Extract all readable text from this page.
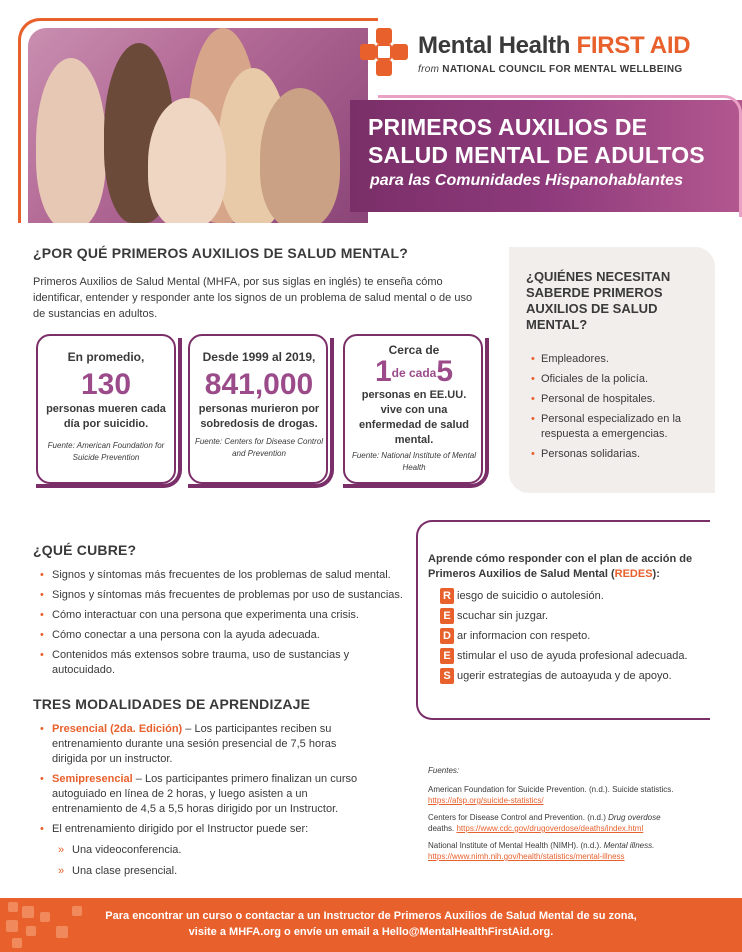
Mental Health FIRST AID
from NATIONAL COUNCIL FOR MENTAL WELLBEING
PRIMEROS AUXILIOS DE
SALUD MENTAL DE ADULTOS
para las Comunidades Hispanohablantes
¿POR QUÉ PRIMEROS AUXILIOS DE SALUD MENTAL?
Primeros Auxilios de Salud Mental (MHFA, por sus siglas en inglés) te enseña cómo identificar, entender y responder ante los signos de un problema de salud mental o de uso de sustancias en adultos.
En promedio,
130
personas mueren cada día por suicidio.
Fuente: American Foundation for Suicide Prevention
Desde 1999 al 2019,
841,000
personas murieron por sobredosis de drogas.
Fuente: Centers for Disease Control and Prevention
Cerca de
1de cada5
personas en EE.UU. vive con una enfermedad de salud mental.
Fuente: National Institute of Mental Health
¿QUIÉNES NECESITAN SABERDE PRIMEROS AUXILIOS DE SALUD MENTAL?
• Empleadores.
• Oficiales de la policía.
• Personal de hospitales.
• Personal especializado en la respuesta a emergencias.
• Personas solidarias.
¿QUÉ CUBRE?
• Signos y síntomas más frecuentes de los problemas de salud mental.
• Signos y síntomas más frecuentes de problemas por uso de sustancias.
• Cómo interactuar con una persona que experimenta una crisis.
• Cómo conectar a una persona con la ayuda adecuada.
• Contenidos más extensos sobre trauma, uso de sustancias y autocuidado.
Aprende cómo responder con el plan de acción de Primeros Auxilios de Salud Mental (REDES):
R iesgo de suicidio o autolesión.
E scuchar sin juzgar.
D ar informacion con respeto.
E stimular el uso de ayuda profesional adecuada.
S ugerir estrategias de autoayuda y de apoyo.
TRES MODALIDADES DE APRENDIZAJE
• Presencial (2da. Edición) – Los participantes reciben su entrenamiento durante una sesión presencial de 7,5 horas dirigida por un instructor.
• Semipresencial – Los participantes primero finalizan un curso autoguiado en línea de 2 horas, y luego asisten a un entrenamiento de 4,5 a 5,5 horas dirigido por un Instructor.
• El entrenamiento dirigido por el Instructor puede ser:
» Una videoconferencia.
» Una clase presencial.
Fuentes:
American Foundation for Suicide Prevention. (n.d.). Suicide statistics.
https://afsp.org/suicide-statistics/
Centers for Disease Control and Prevention. (n.d.) Drug overdose
deaths. https://www.cdc.gov/drugoverdose/deaths/index.html
National Institute of Mental Health (NIMH). (n.d.). Mental illness.
https://www.nimh.nih.gov/health/statistics/mental-illness
Para encontrar un curso o contactar a un Instructor de Primeros Auxilios de Salud Mental de su zona,
visite a MHFA.org o envíe un email a Hello@MentalHealthFirstAid.org.
